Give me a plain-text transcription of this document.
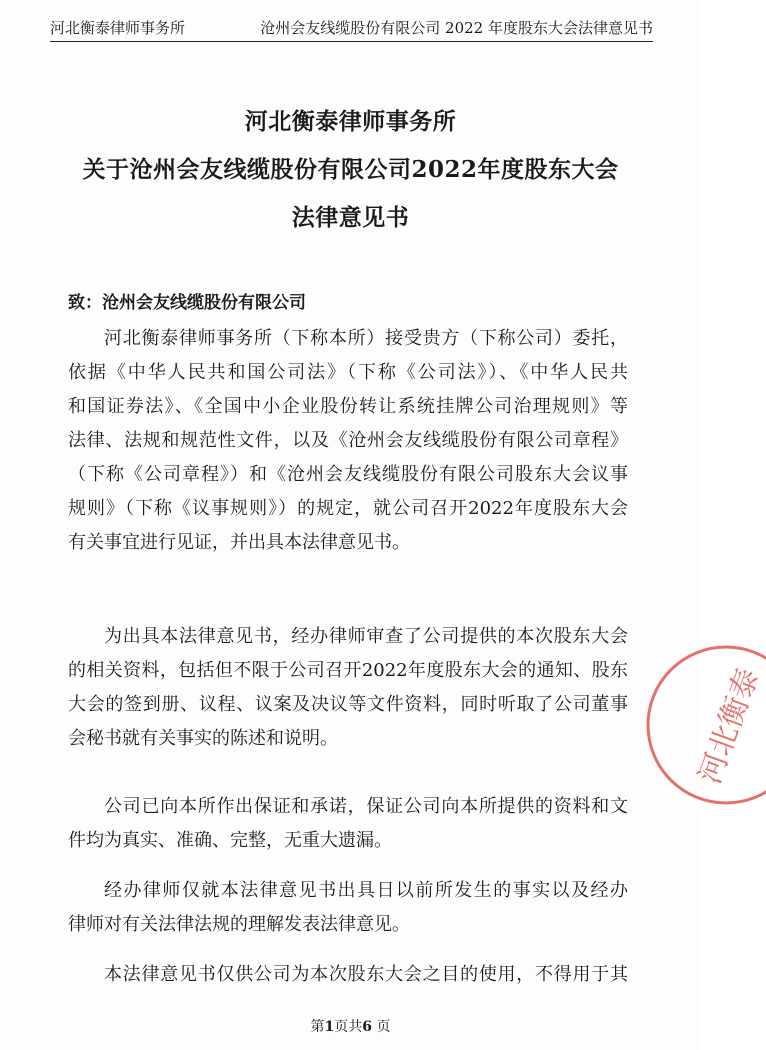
河北衡泰律师事务所	沧州会友线缆股份有限公司 2022 年度股东大会法律意见书
河北衡泰律师事务所
关于沧州会友线缆股份有限公司2022年度股东大会
法律意见书
致：沧州会友线缆股份有限公司
河北衡泰律师事务所（下称本所）接受贵方（下称公司）委托，
依据《中华人民共和国公司法》（下称《公司法》）、《中华人民共
和国证券法》、《全国中小企业股份转让系统挂牌公司治理规则》等
法律、法规和规范性文件，以及《沧州会友线缆股份有限公司章程》
（下称《公司章程》）和《沧州会友线缆股份有限公司股东大会议事
规则》（下称《议事规则》）的规定，就公司召开2022年度股东大会
有关事宜进行见证，并出具本法律意见书。
为出具本法律意见书，经办律师审查了公司提供的本次股东大会
的相关资料，包括但不限于公司召开2022年度股东大会的通知、股东
大会的签到册、议程、议案及决议等文件资料，同时听取了公司董事
会秘书就有关事实的陈述和说明。
公司已向本所作出保证和承诺，保证公司向本所提供的资料和文
件均为真实、准确、完整，无重大遗漏。
经办律师仅就本法律意见书出具日以前所发生的事实以及经办
律师对有关法律法规的理解发表法律意见。
本法律意见书仅供公司为本次股东大会之目的使用，不得用于其
第1页共6 页
河北衡泰
